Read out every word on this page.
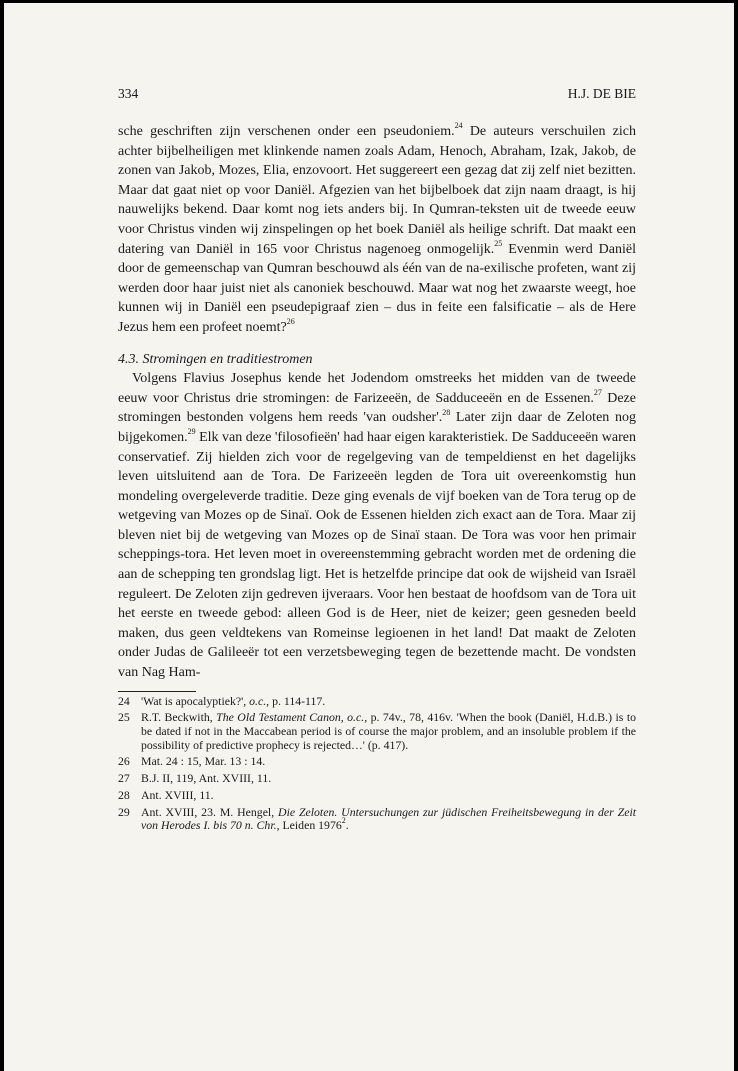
334	H.J. DE BIE

sche geschriften zijn verschenen onder een pseudoniem.$^{24}$ De auteurs verschuilen zich achter bijbelheiligen met klinkende namen zoals Adam, Henoch, Abraham, Izak, Jakob, de zonen van Jakob, Mozes, Elia, enzovoort. Het suggereert een gezag dat zij zelf niet bezitten. Maar dat gaat niet op voor Daniël. Afgezien van het bijbelboek dat zijn naam draagt, is hij nauwelijks bekend. Daar komt nog iets anders bij. In Qumran-teksten uit de tweede eeuw voor Christus vinden wij zinspelingen op het boek Daniël als heilige schrift. Dat maakt een datering van Daniël in 165 voor Christus nagenoeg onmogelijk.$^{25}$ Evenmin werd Daniël door de gemeenschap van Qumran beschouwd als één van de na-exilische profeten, want zij werden door haar juist niet als canoniek beschouwd. Maar wat nog het zwaarste weegt, hoe kunnen wij in Daniël een pseudepigraaf zien – dus in feite een falsificatie – als de Here Jezus hem een profeet noemt?$^{26}$

4.3. Stromingen en traditiestromen

Volgens Flavius Josephus kende het Jodendom omstreeks het midden van de tweede eeuw voor Christus drie stromingen: de Farizeeën, de Sadduceeën en de Essenen.$^{27}$ Deze stromingen bestonden volgens hem reeds 'van oudsher'.$^{28}$ Later zijn daar de Zeloten nog bijgekomen.$^{29}$ Elk van deze 'filosofieën' had haar eigen karakteristiek. De Sadduceeën waren conservatief. Zij hielden zich voor de regelgeving van de tempeldienst en het dagelijks leven uitsluitend aan de Tora. De Farizeeën legden de Tora uit overeenkomstig hun mondeling overgeleverde traditie. Deze ging evenals de vijf boeken van de Tora terug op de wetgeving van Mozes op de Sinaï. Ook de Essenen hielden zich exact aan de Tora. Maar zij bleven niet bij de wetgeving van Mozes op de Sinaï staan. De Tora was voor hen primair scheppings-tora. Het leven moet in overeenstemming gebracht worden met de ordening die aan de schepping ten grondslag ligt. Het is hetzelfde principe dat ook de wijsheid van Israël reguleert. De Zeloten zijn gedreven ijveraars. Voor hen bestaat de hoofdsom van de Tora uit het eerste en tweede gebod: alleen God is de Heer, niet de keizer; geen gesneden beeld maken, dus geen veldtekens van Romeinse legioenen in het land! Dat maakt de Zeloten onder Judas de Galileeër tot een verzetsbeweging tegen de bezettende macht. De vondsten van Nag Ham-

24 'Wat is apocalyptiek?', o.c., p. 114-117.
25 R.T. Beckwith, The Old Testament Canon, o.c., p. 74v., 78, 416v. 'When the book (Daniël, H.d.B.) is to be dated if not in the Maccabean period is of course the major problem, and an insoluble problem if the possibility of predictive prophecy is rejected…' (p. 417).
26 Mat. 24 : 15, Mar. 13 : 14.
27 B.J. II, 119, Ant. XVIII, 11.
28 Ant. XVIII, 11.
29 Ant. XVIII, 23. M. Hengel, Die Zeloten. Untersuchungen zur jüdischen Freiheitsbewegung in der Zeit von Herodes I. bis 70 n. Chr., Leiden 1976$^2$.
